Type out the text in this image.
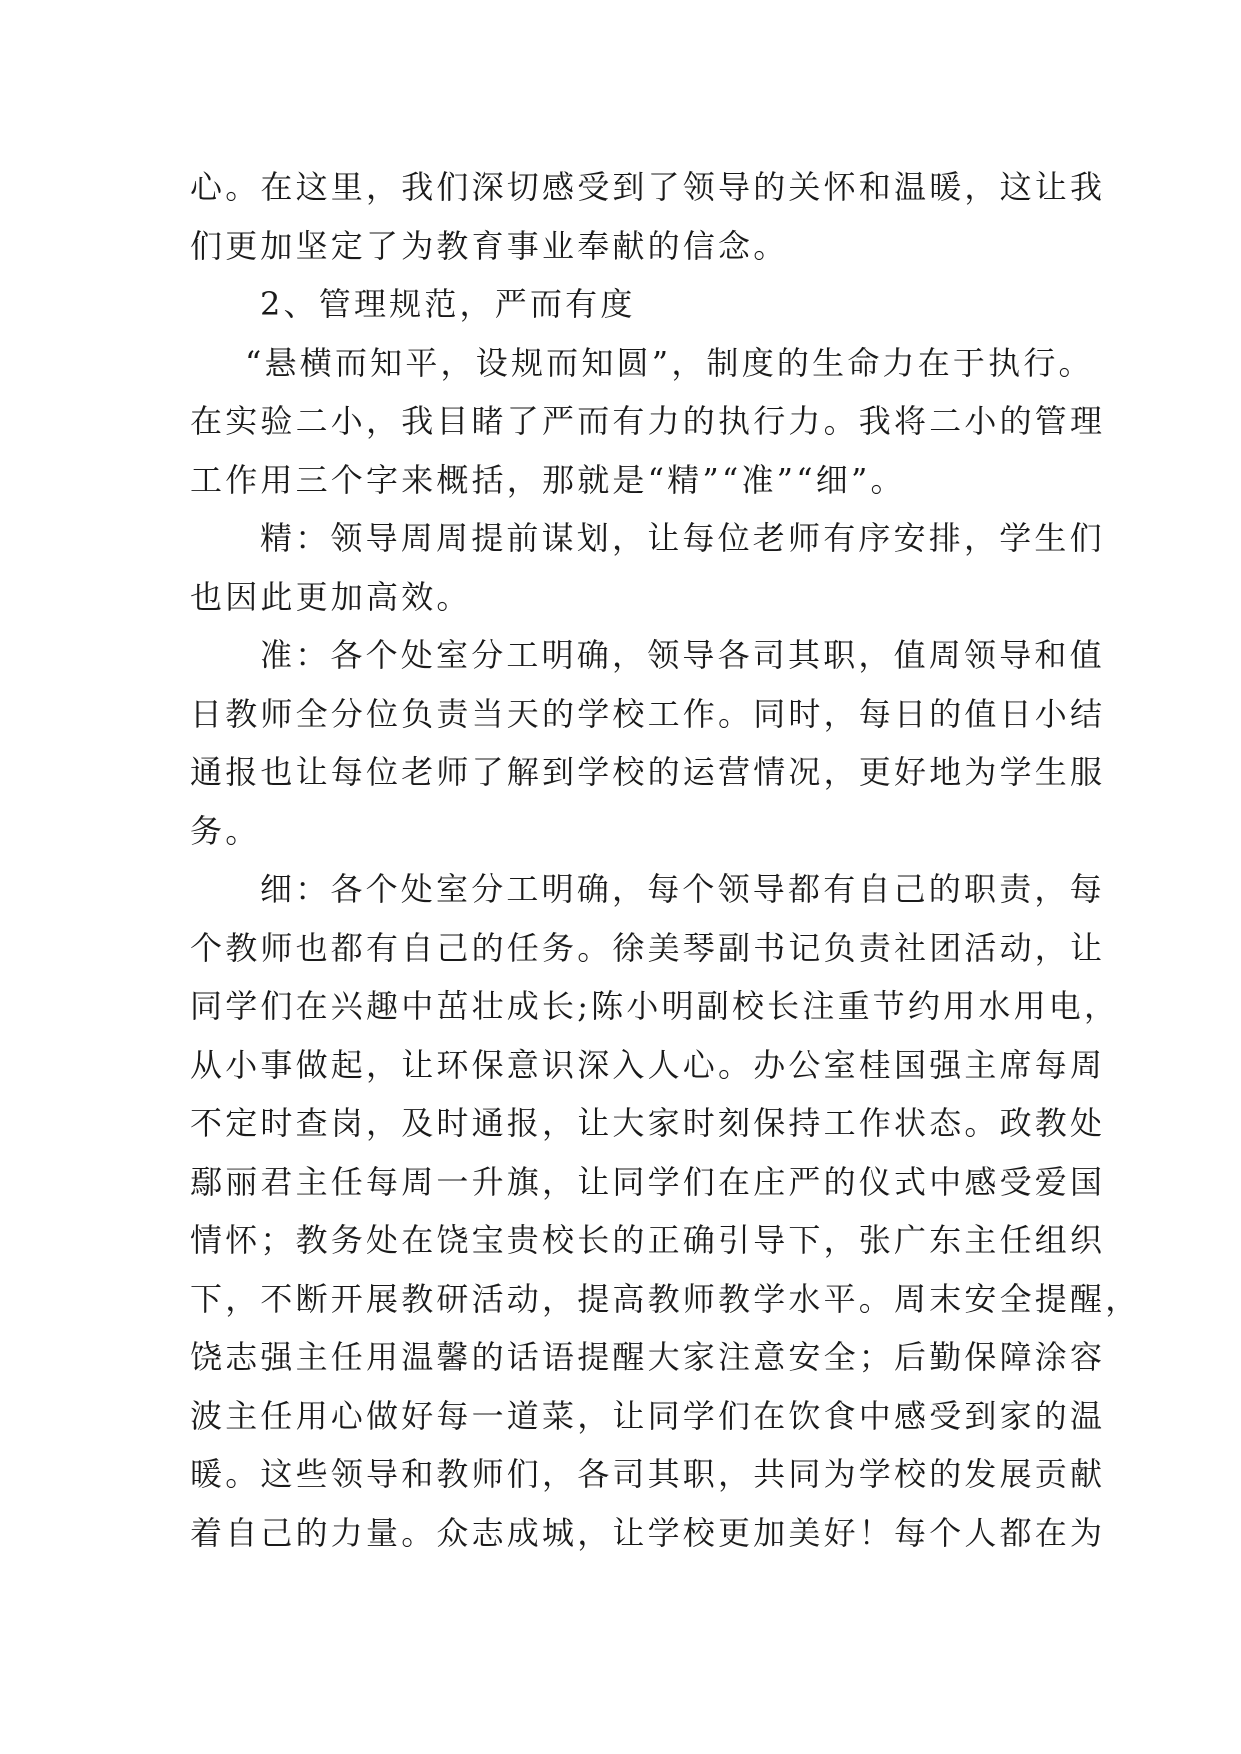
心。在这里，我们深切感受到了领导的关怀和温暖，这让我
们更加坚定了为教育事业奉献的信念。
2、管理规范，严而有度
“悬横而知平，设规而知圆”，制度的生命力在于执行。
在实验二小，我目睹了严而有力的执行力。我将二小的管理
工作用三个字来概括，那就是“精”“准”“细”。
精：领导周周提前谋划，让每位老师有序安排，学生们
也因此更加高效。
准：各个处室分工明确，领导各司其职，值周领导和值
日教师全分位负责当天的学校工作。同时，每日的值日小结
通报也让每位老师了解到学校的运营情况，更好地为学生服
务。
细：各个处室分工明确，每个领导都有自己的职责，每
个教师也都有自己的任务。徐美琴副书记负责社团活动，让
同学们在兴趣中茁壮成长;陈小明副校长注重节约用水用电，
从小事做起，让环保意识深入人心。办公室桂国强主席每周
不定时查岗，及时通报，让大家时刻保持工作状态。政教处
鄢丽君主任每周一升旗，让同学们在庄严的仪式中感受爱国
情怀；教务处在饶宝贵校长的正确引导下，张广东主任组织
下，不断开展教研活动，提高教师教学水平。周末安全提醒，
饶志强主任用温馨的话语提醒大家注意安全；后勤保障涂容
波主任用心做好每一道菜，让同学们在饮食中感受到家的温
暖。这些领导和教师们，各司其职，共同为学校的发展贡献
着自己的力量。众志成城，让学校更加美好！每个人都在为
